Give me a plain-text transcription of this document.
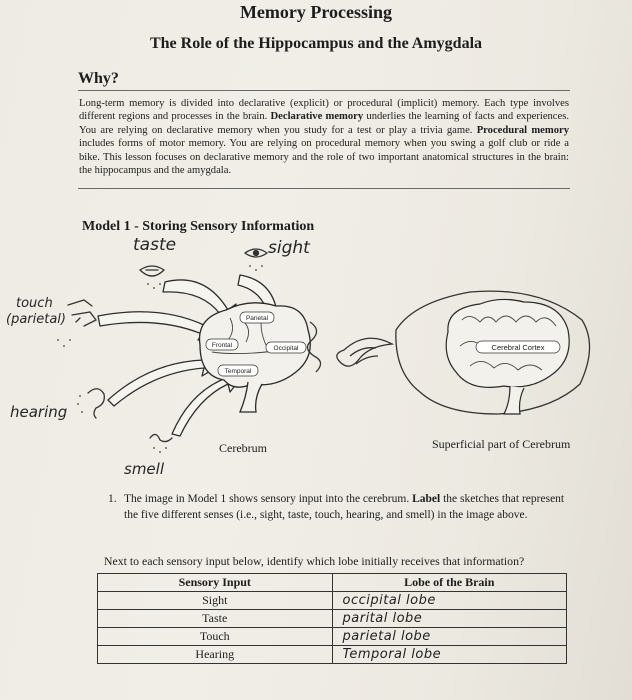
Memory Processing
The Role of the Hippocampus and the Amygdala
Why?
Long-term memory is divided into declarative (explicit) or procedural (implicit) memory. Each type involves different regions and processes in the brain. Declarative memory underlies the learning of facts and experiences. You are relying on declarative memory when you study for a test or play a trivia game. Procedural memory includes forms of motor memory. You are relying on procedural memory when you swing a golf club or ride a bike. This lesson focuses on declarative memory and the role of two important anatomical structures in the brain: the hippocampus and the amygdala.
Model 1 - Storing Sensory Information
taste	sight
touch
(parietal)
hearing
smell
Frontal
Parietal
Occipital
Temporal
Cerebral Cortex
Cerebrum	Superficial part of Cerebrum
1. The image in Model 1 shows sensory input into the cerebrum. Label the sketches that represent the five different senses (i.e., sight, taste, touch, hearing, and smell) in the image above.
Next to each sensory input below, identify which lobe initially receives that information?
Sensory Input	Lobe of the Brain
Sight	occipital lobe
Taste	parital lobe
Touch	parietal lobe
Hearing	Temporal lobe
